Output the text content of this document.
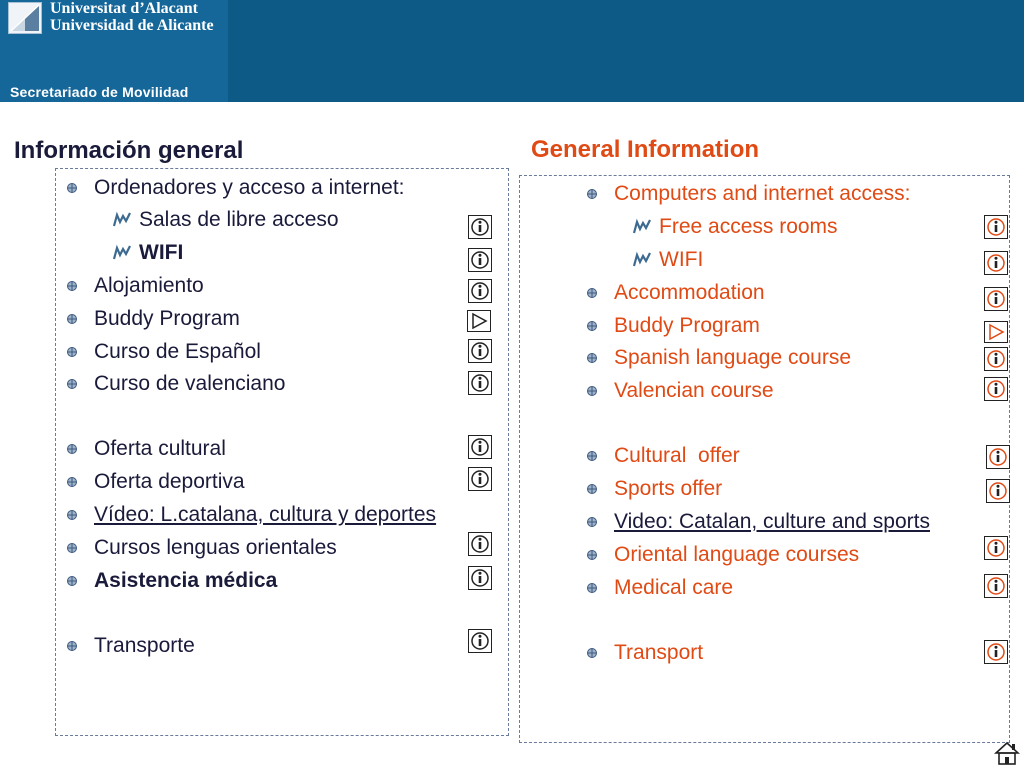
Universitat d’Alacant
Universidad de Alicante
Secretariado de Movilidad
Información general	General Information
Ordenadores y acceso a internet:
Salas de libre acceso
WIFI
Alojamiento
Buddy Program
Curso de Español
Curso de valenciano
Oferta cultural
Oferta deportiva
Vídeo: L.catalana, cultura y deportes
Cursos lenguas orientales
Asistencia médica
Transporte
Computers and internet access:
Free access rooms
WIFI
Accommodation
Buddy Program
Spanish language course
Valencian course
Cultural  offer
Sports offer
Video: Catalan, culture and sports
Oriental language courses
Medical care
Transport
